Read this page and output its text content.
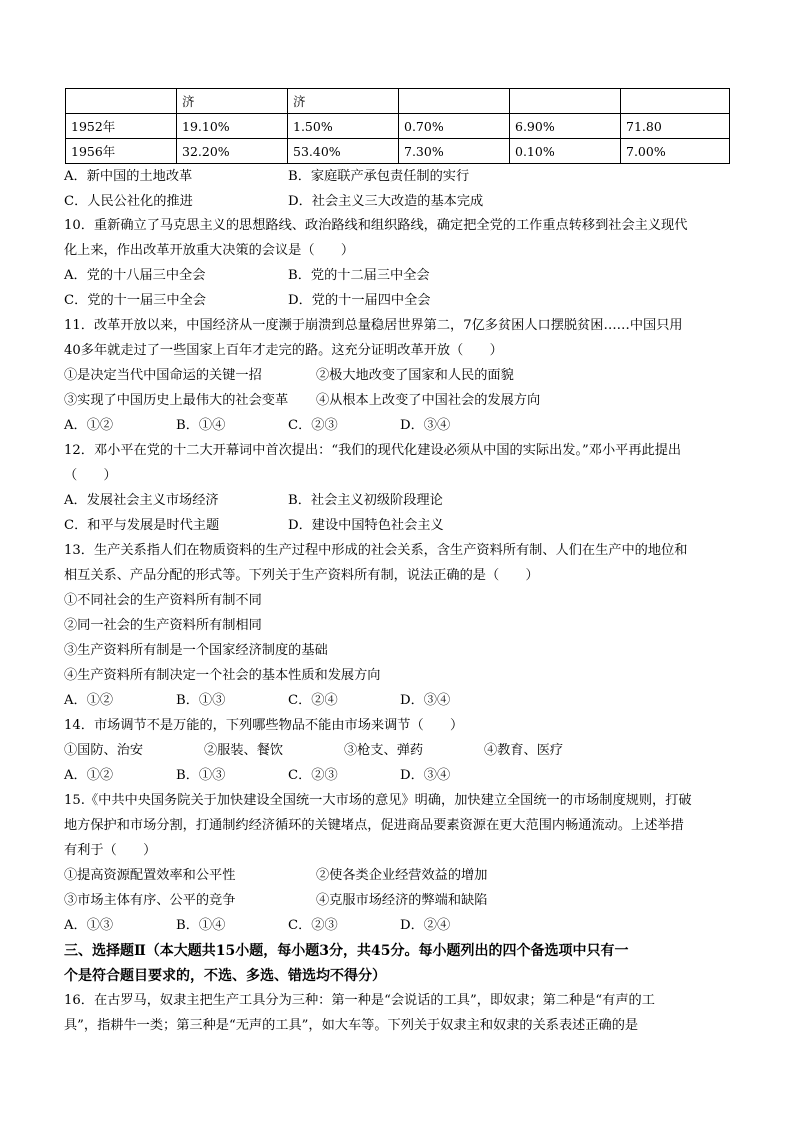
	济	济			
1952年	19.10%	1.50%	0.70%	6.90%	71.80
1956年	32.20%	53.40%	7.30%	0.10%	7.00%
A．新中国的土地改革	B．家庭联产承包责任制的实行
C．人民公社化的推进	D．社会主义三大改造的基本完成
10．重新确立了马克思主义的思想路线、政治路线和组织路线，确定把全党的工作重点转移到社会主义现代
化上来，作出改革开放重大决策的会议是（　　）
A．党的十八届三中全会	B．党的十二届三中全会
C．党的十一届三中全会	D．党的十一届四中全会
11．改革开放以来，中国经济从一度濒于崩溃到总量稳居世界第二，7亿多贫困人口摆脱贫困……中国只用
40多年就走过了一些国家上百年才走完的路。这充分证明改革开放（　　）
①是决定当代中国命运的关键一招	②极大地改变了国家和人民的面貌
③实现了中国历史上最伟大的社会变革 ④从根本上改变了中国社会的发展方向
A．①②	B．①④	C．②③	D．③④
12．邓小平在党的十二大开幕词中首次提出：“我们的现代化建设必须从中国的实际出发。”邓小平再此提出
（　　）
A．发展社会主义市场经济	B．社会主义初级阶段理论
C．和平与发展是时代主题	D．建设中国特色社会主义
13．生产关系指人们在物质资料的生产过程中形成的社会关系，含生产资料所有制、人们在生产中的地位和
相互关系、产品分配的形式等。下列关于生产资料所有制，说法正确的是（　　）
①不同社会的生产资料所有制不同
②同一社会的生产资料所有制相同
③生产资料所有制是一个国家经济制度的基础
④生产资料所有制决定一个社会的基本性质和发展方向
A．①②	B．①③	C．②④	D．③④
14．市场调节不是万能的，下列哪些物品不能由市场来调节（　　）
①国防、治安	②服装、餐饮	③枪支、弹药	④教育、医疗
A．①②	B．①③	C．②③	D．③④
15.《中共中央国务院关于加快建设全国统一大市场的意见》明确，加快建立全国统一的市场制度规则，打破
地方保护和市场分割，打通制约经济循环的关键堵点，促进商品要素资源在更大范围内畅通流动。上述举措
有利于（　　）
①提高资源配置效率和公平性	②使各类企业经营效益的增加
③市场主体有序、公平的竞争	④克服市场经济的弊端和缺陷
A．①③	B．①④	C．②③	D．②④
三、选择题Ⅱ（本大题共15小题，每小题3分，共45分。每小题列出的四个备选项中只有一
个是符合题目要求的，不选、多选、错选均不得分）
16．在古罗马，奴隶主把生产工具分为三种：第一种是“会说话的工具”，即奴隶；第二种是“有声的工
具”，指耕牛一类；第三种是“无声的工具”，如大车等。下列关于奴隶主和奴隶的关系表述正确的是
